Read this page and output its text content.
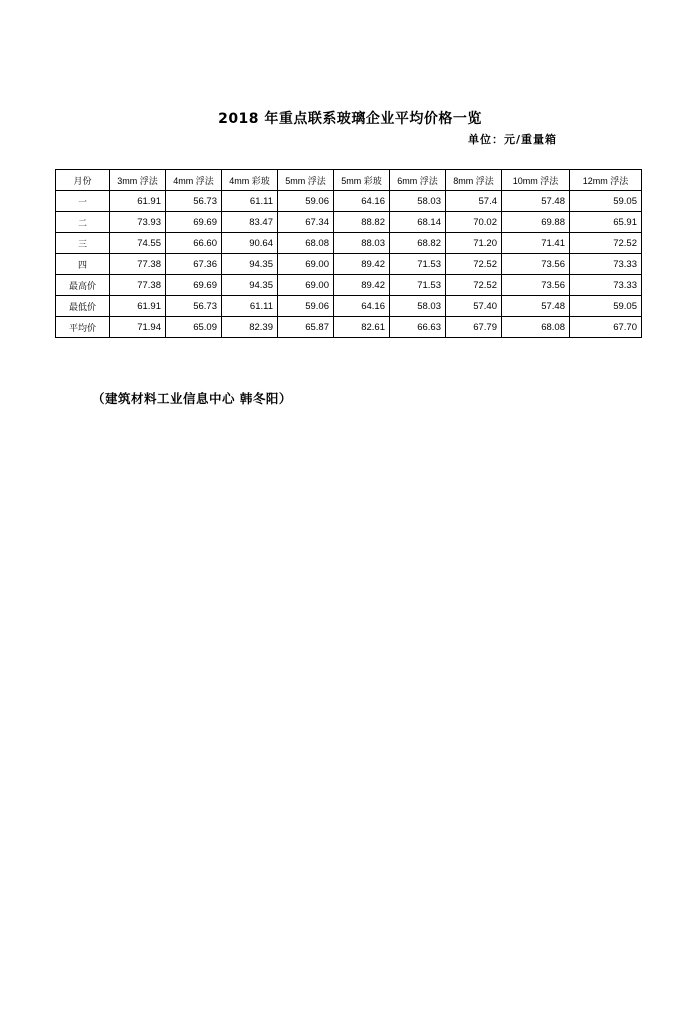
2018 年重点联系玻璃企业平均价格一览
单位：元/重量箱
月份	3mm 浮法	4mm 浮法	4mm 彩玻	5mm 浮法	5mm 彩玻	6mm 浮法	8mm 浮法	10mm 浮法	12mm 浮法
一	61.91	56.73	61.11	59.06	64.16	58.03	57.4	57.48	59.05
二	73.93	69.69	83.47	67.34	88.82	68.14	70.02	69.88	65.91
三	74.55	66.60	90.64	68.08	88.03	68.82	71.20	71.41	72.52
四	77.38	67.36	94.35	69.00	89.42	71.53	72.52	73.56	73.33
最高价	77.38	69.69	94.35	69.00	89.42	71.53	72.52	73.56	73.33
最低价	61.91	56.73	61.11	59.06	64.16	58.03	57.40	57.48	59.05
平均价	71.94	65.09	82.39	65.87	82.61	66.63	67.79	68.08	67.70
（建筑材料工业信息中心 韩冬阳）
